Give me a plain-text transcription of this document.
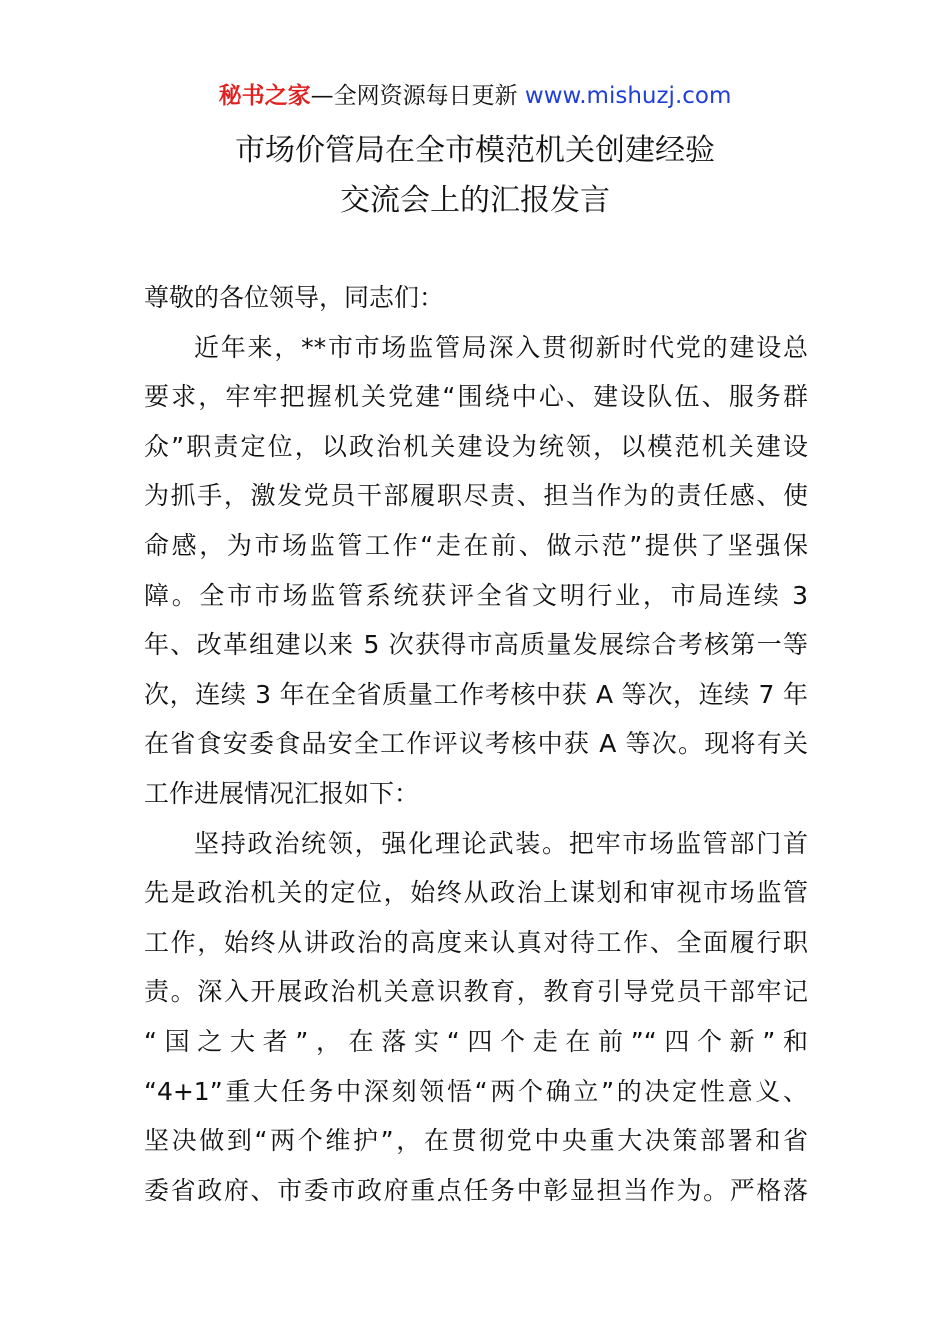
秘书之家—全网资源每日更新 www.mishuzj.com
市场价管局在全市模范机关创建经验
交流会上的汇报发言
尊敬的各位领导，同志们：
近年来，**市市场监管局深入贯彻新时代党的建设总
要求，牢牢把握机关党建“围绕中心、建设队伍、服务群
众”职责定位，以政治机关建设为统领，以模范机关建设
为抓手，激发党员干部履职尽责、担当作为的责任感、使
命感，为市场监管工作“走在前、做示范”提供了坚强保
障。全市市场监管系统获评全省文明行业，市局连续 3
年、改革组建以来 5 次获得市高质量发展综合考核第一等
次，连续 3 年在全省质量工作考核中获 A 等次，连续 7 年
在省食安委食品安全工作评议考核中获 A 等次。现将有关
工作进展情况汇报如下：
坚持政治统领，强化理论武装。把牢市场监管部门首
先是政治机关的定位，始终从政治上谋划和审视市场监管
工作，始终从讲政治的高度来认真对待工作、全面履行职
责。深入开展政治机关意识教育，教育引导党员干部牢记
“国之大者”，在落实“四个走在前”“四个新”和
“4+1”重大任务中深刻领悟“两个确立”的决定性意义、
坚决做到“两个维护”，在贯彻党中央重大决策部署和省
委省政府、市委市政府重点任务中彰显担当作为。严格落
